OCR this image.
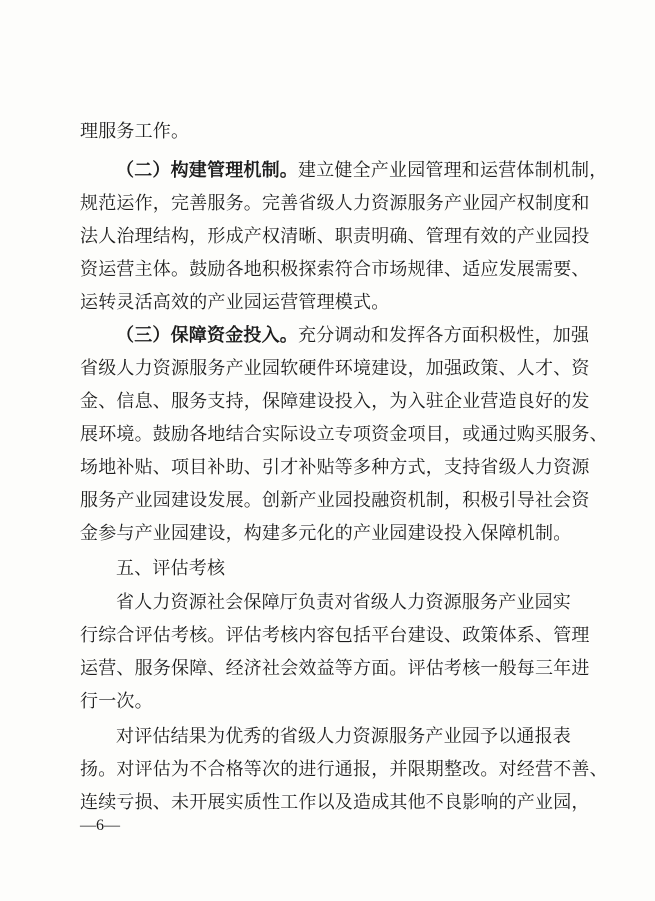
理服务工作。
（二）构建管理机制。建立健全产业园管理和运营体制机制，
规范运作，完善服务。完善省级人力资源服务产业园产权制度和
法人治理结构，形成产权清晰、职责明确、管理有效的产业园投
资运营主体。鼓励各地积极探索符合市场规律、适应发展需要、
运转灵活高效的产业园运营管理模式。
（三）保障资金投入。充分调动和发挥各方面积极性，加强
省级人力资源服务产业园软硬件环境建设，加强政策、人才、资
金、信息、服务支持，保障建设投入，为入驻企业营造良好的发
展环境。鼓励各地结合实际设立专项资金项目，或通过购买服务、
场地补贴、项目补助、引才补贴等多种方式，支持省级人力资源
服务产业园建设发展。创新产业园投融资机制，积极引导社会资
金参与产业园建设，构建多元化的产业园建设投入保障机制。
五、评估考核
省人力资源社会保障厅负责对省级人力资源服务产业园实
行综合评估考核。评估考核内容包括平台建设、政策体系、管理
运营、服务保障、经济社会效益等方面。评估考核一般每三年进
行一次。
对评估结果为优秀的省级人力资源服务产业园予以通报表
扬。对评估为不合格等次的进行通报，并限期整改。对经营不善、
连续亏损、未开展实质性工作以及造成其他不良影响的产业园，
—6—
